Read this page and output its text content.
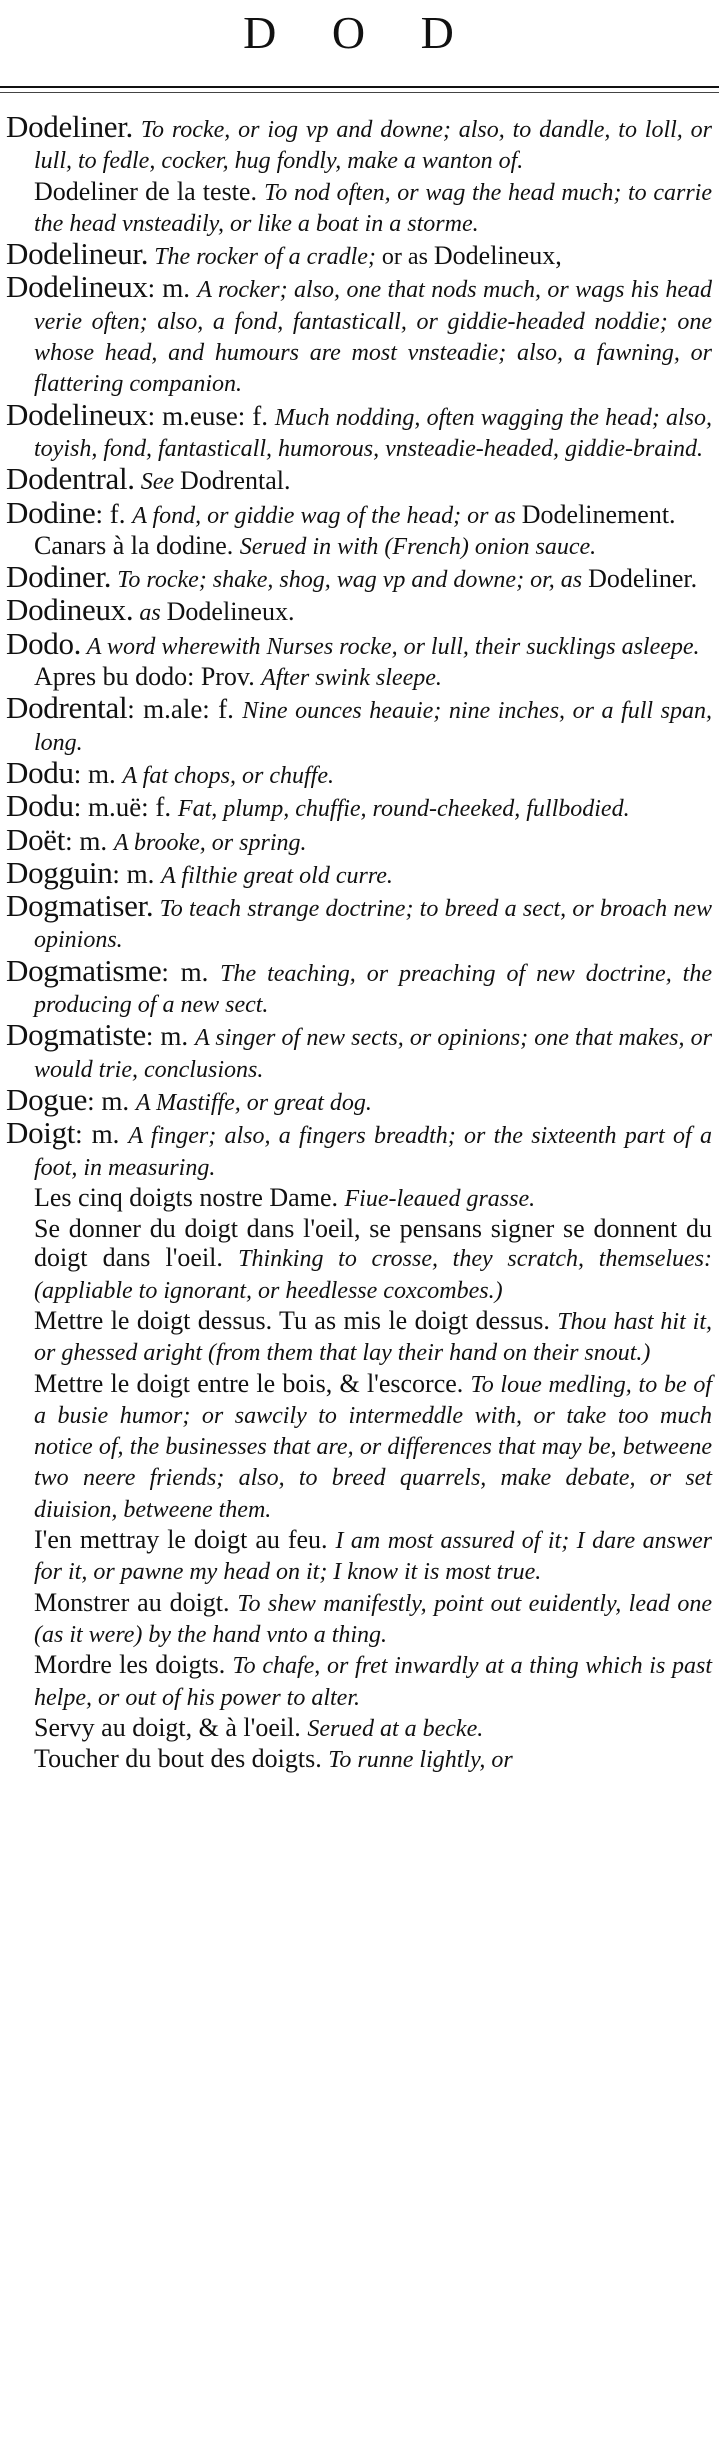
D O D
Dodeliner. To rocke, or iog vp and downe; also, to dandle, to loll, or lull, to fedle, cocker, hug fondly, make a wanton of.
Dodeliner de la teste. To nod often, or wag the head much; to carrie the head vnsteadily, or like a boat in a storme.
Dodelineur. The rocker of a cradle; or as Dodelineux,
Dodelineux: m. A rocker; also, one that nods much, or wags his head verie often; also, a fond, fantasticall, or giddie-headed noddie; one whose head, and humours are most vnsteadie; also, a fawning, or flattering companion.
Dodelineux: m.euse: f. Much nodding, often wagging the head; also, toyish, fond, fantasticall, humorous, vnsteadie-headed, giddie-braind.
Dodentral. See Dodrental.
Dodine: f. A fond, or giddie wag of the head; or as Dodelinement.
Canars à la dodine. Serued in with (French) onion sauce.
Dodiner. To rocke; shake, shog, wag vp and downe; or, as Dodeliner.
Dodineux. as Dodelineux.
Dodo. A word wherewith Nurses rocke, or lull, their sucklings asleepe.
Apres bu dodo: Prov. After swink sleepe.
Dodrental: m.ale: f. Nine ounces heauie; nine inches, or a full span, long.
Dodu: m. A fat chops, or chuffe.
Dodu: m.uë: f. Fat, plump, chuffie, round-cheeked, fullbodied.
Doët: m. A brooke, or spring.
Dogguin: m. A filthie great old curre.
Dogmatiser. To teach strange doctrine; to breed a sect, or broach new opinions.
Dogmatisme: m. The teaching, or preaching of new doctrine, the producing of a new sect.
Dogmatiste: m. A singer of new sects, or opinions; one that makes, or would trie, conclusions.
Dogue: m. A Mastiffe, or great dog.
Doigt: m. A finger; also, a fingers breadth; or the sixteenth part of a foot, in measuring.
Les cinq doigts nostre Dame. Fiue-leaued grasse.
Se donner du doigt dans l'oeil, se pensans signer se donnent du doigt dans l'oeil. Thinking to crosse, they scratch, themselues: (appliable to ignorant, or heedlesse coxcombes.)
Mettre le doigt dessus. Tu as mis le doigt dessus. Thou hast hit it, or ghessed aright (from them that lay their hand on their snout.)
Mettre le doigt entre le bois, & l'escorce. To loue medling, to be of a busie humor; or sawcily to intermeddle with, or take too much notice of, the businesses that are, or differences that may be, betweene two neere friends; also, to breed quarrels, make debate, or set diuision, betweene them.
I'en mettray le doigt au feu. I am most assured of it; I dare answer for it, or pawne my head on it; I know it is most true.
Monstrer au doigt. To shew manifestly, point out euidently, lead one (as it were) by the hand vnto a thing.
Mordre les doigts. To chafe, or fret inwardly at a thing which is past helpe, or out of his power to alter.
Servy au doigt, & à l'oeil. Serued at a becke.
Toucher du bout des doigts. To runne lightly, or
